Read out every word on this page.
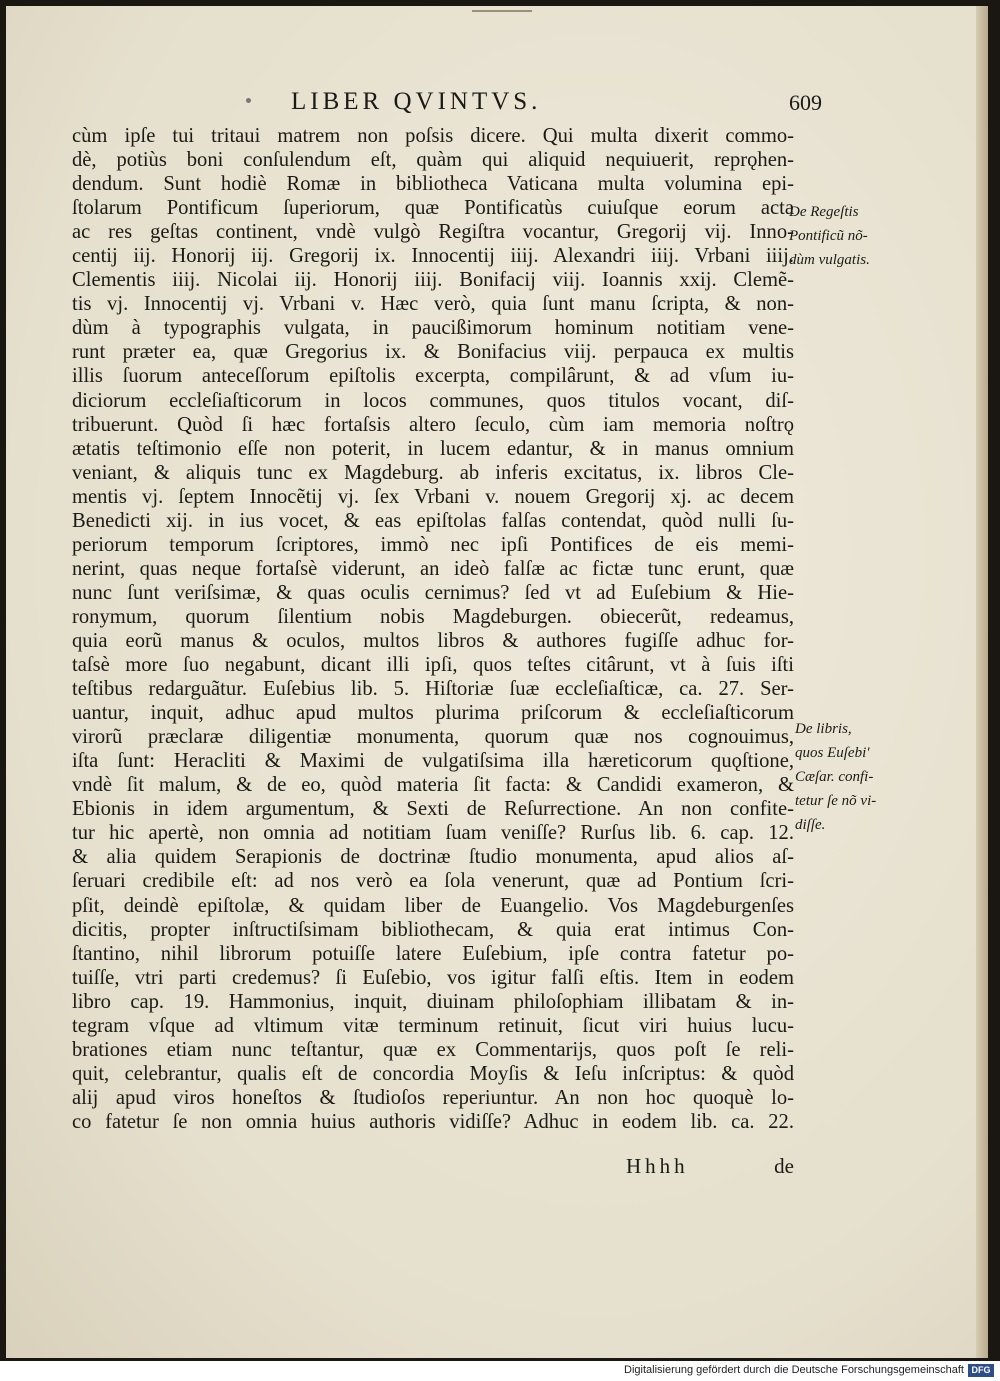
LIBER QVINTVS.	609
cùm ipſe tui tritaui matrem non poſsis dicere. Qui multa dixerit commo-
dè, potiùs boni conſulendum eſt, quàm qui aliquid nequiuerit, reprǫhen-
dendum. Sunt hodiè Romæ in bibliotheca Vaticana multa volumina epi-
ſtolarum Pontificum ſuperiorum, quæ Pontificatùs cuiuſque eorum acta
ac res geſtas continent, vndè vulgò Regiſtra vocantur, Gregorij vij. Inno-
centij iij. Honorij iij. Gregorij ix. Innocentij iiij. Alexandri iiij. Vrbani iiij.
Clementis iiij. Nicolai iij. Honorij iiij. Bonifacij viij. Ioannis xxij. Clemẽ-
tis vj. Innocentij vj. Vrbani v. Hæc verò, quia ſunt manu ſcripta, & non-
dùm à typographis vulgata, in paucißimorum hominum notitiam vene-
runt præter ea, quæ Gregorius ix. & Bonifacius viij. perpauca ex multis
illis ſuorum anteceſſorum epiſtolis excerpta, compilârunt, & ad vſum iu-
diciorum eccleſiaſticorum in locos communes, quos titulos vocant, diſ-
tribuerunt. Quòd ſi hæc fortaſsis altero ſeculo, cùm iam memoria noſtrǫ
ætatis teſtimonio eſſe non poterit, in lucem edantur, & in manus omnium
veniant, & aliquis tunc ex Magdeburg. ab inferis excitatus, ix. libros Cle-
mentis vj. ſeptem Innocẽtij vj. ſex Vrbani v. nouem Gregorij xj. ac decem
Benedicti xij. in ius vocet, & eas epiſtolas falſas contendat, quòd nulli ſu-
periorum temporum ſcriptores, immò nec ipſi Pontifices de eis memi-
nerint, quas neque fortaſsè viderunt, an ideò falſæ ac fictæ tunc erunt, quæ
nunc ſunt veriſsimæ, & quas oculis cernimus? ſed vt ad Euſebium & Hie-
ronymum, quorum ſilentium nobis Magdeburgen. obiecerũt, redeamus,
quia eorũ manus & oculos, multos libros & authores fugiſſe adhuc for-
taſsè more ſuo negabunt, dicant illi ipſi, quos teſtes citârunt, vt à ſuis iſti
teſtibus redarguãtur. Euſebius lib. 5. Hiſtoriæ ſuæ eccleſiaſticæ, ca. 27. Ser-
uantur, inquit, adhuc apud multos plurima priſcorum & eccleſiaſticorum
virorũ præclaræ diligentiæ monumenta, quorum quæ nos cognouimus,
iſta ſunt: Heracliti & Maximi de vulgatiſsima illa hæreticorum quǫſtione,
vndè ſit malum, & de eo, quòd materia ſit facta: & Candidi exameron, &
Ebionis in idem argumentum, & Sexti de Reſurrectione. An non confite-
tur hic apertè, non omnia ad notitiam ſuam veniſſe? Rurſus lib. 6. cap. 12.
& alia quidem Serapionis de doctrinæ ſtudio monumenta, apud alios aſ-
ſeruari credibile eſt: ad nos verò ea ſola venerunt, quæ ad Pontium ſcri-
pſit, deindè epiſtolæ, & quidam liber de Euangelio. Vos Magdeburgenſes
dicitis, propter inſtructiſsimam bibliothecam, & quia erat intimus Con-
ſtantino, nihil librorum potuiſſe latere Euſebium, ipſe contra fatetur po-
tuiſſe, vtri parti credemus? ſi Euſebio, vos igitur falſi eſtis. Item in eodem
libro cap. 19. Hammonius, inquit, diuinam philoſophiam illibatam & in-
tegram vſque ad vltimum vitæ terminum retinuit, ſicut viri huius lucu-
brationes etiam nunc teſtantur, quæ ex Commentarijs, quos poſt ſe reli-
quit, celebrantur, qualis eſt de concordia Moyſis & Ieſu inſcriptus: & quòd
alij apud viros honeſtos & ſtudioſos reperiuntur. An non hoc quoquè lo-
co fatetur ſe non omnia huius authoris vidiſſe? Adhuc in eodem lib. ca. 22.
Hhhh	de
De Regeſtis
Pontificũ nõ-
dùm vulgatis.
De libris,
quos Euſebi'
Cæſar. confi-
tetur ſe nõ vi-
diſſe.
Digitalisierung gefördert durch die Deutsche Forschungsgemeinschaft DFG
